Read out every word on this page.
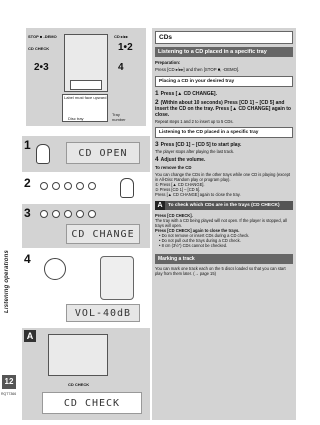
Listening operations
12
RQT7366
STOP ■ -DEMO
CD CHECK
CD ▸/▸▸
1•2
2•3	4
Label must face upward
Disc tray
Tray number
1
CD OPEN
2
3
CD CHANGE
4
VOL-40dB
A
CD CHECK
CD CHECK
CDs
Listening to a CD placed in a specific tray
Preparation:
Press [CD ▸/▸▸] and then [STOP ■, -DEMO].
Placing a CD in your desired tray
1 Press [▲ CD CHANGE].
2 (Within about 10 seconds) Press [CD 1] – [CD 5] and insert the CD on the tray. Press [▲ CD CHANGE] again to close.
Repeat steps 1 and 2 to insert up to 5 CDs.
Listening to the CD placed in a specific tray
3 Press [CD 1] – [CD 5] to start play.
The player stops after playing the last track.
4 Adjust the volume.
To remove the CD
You can change the CDs in the other trays while one CD is playing (except in All-Disc Random play or program play).
① Press [▲ CD CHANGE].
② Press [CD 1] – [CD 5].
Press [▲ CD CHANGE] again to close the tray.
A	To check which CDs are in the trays (CD CHECK)
Press [CD CHECK].
The tray with a CD being played will not open. If the player is stopped, all trays will open.
Press [CD CHECK] again to close the trays.
• Do not remove or insert CDs during a CD check.
• Do not pull out the trays during a CD check.
• 8 cm (3½″) CDs cannot be checked.
Marking a track
You can mark one track each on the 5 discs loaded so that you can start play from them later. (→ page 15)
